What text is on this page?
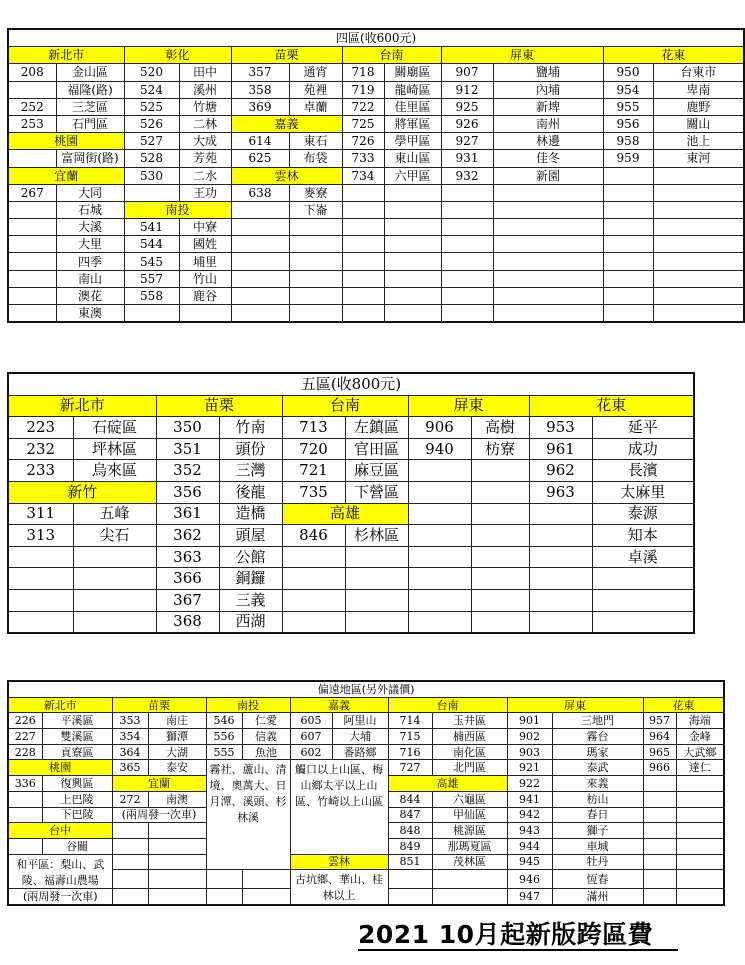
四區(收600元)											
新北市		彰化		苗栗		台南		屏東		花東	
208	金山區	520	田中	357	通宵	718	關廟區	907	鹽埔	950	台東市
	福隆(路)	524	溪州	358	苑裡	719	龍崎區	912	內埔	954	卑南
252	三芝區	525	竹塘	369	卓蘭	722	佳里區	925	新埤	955	鹿野
253	石門區	526	二林	嘉義		725	將軍區	926	南州	956	關山
桃園		527	大成	614	東石	726	學甲區	927	林邊	958	池上
	富岡街(路)	528	芳苑	625	布袋	733	東山區	931	佳冬	959	東河
宜蘭		530	二水	雲林		734	六甲區	932	新園		
267	大同		王功	638	麥寮						
	石城	南投			下崙						
	大溪	541	中寮								
	大里	544	國姓								
	四季	545	埔里								
	南山	557	竹山								
	澳花	558	鹿谷								
	東澳										
五區(收800元)									
新北市		苗栗		台南		屏東		花東	
223	石碇區	350	竹南	713	左鎮區	906	高樹	953	延平
232	坪林區	351	頭份	720	官田區	940	枋寮	961	成功
233	烏來區	352	三灣	721	麻豆區			962	長濱
新竹		356	後龍	735	下營區			963	太麻里
311	五峰	361	造橋	高雄					泰源
313	尖石	362	頭屋	846	杉林區				知本
		363	公館						卓溪
		366	銅鑼						
		367	三義						
		368	西湖						
偏遠地區(另外議價)													
新北市		苗栗		南投		嘉義		台南		屏東		花東	
226	平溪區	353	南庄	546	仁愛	605	阿里山	714	玉井區	901	三地門	957	海端
227	雙溪區	354	獅潭	556	信義	607	大埔	715	楠西區	902	霧台	964	金峰
228	貢寮區	364	大湖	555	魚池	602	番路鄉	716	南化區	903	瑪家	965	大武鄉
桃園		365	泰安	霧社、蘆山、清境、奧萬大、日月潭、溪頭、杉林溪		觸口以上山區、梅山鄉太平以上山區、竹崎以上山區		727	北門區	921	泰武	966	達仁
336	復興區	宜蘭						高雄		922	來義		
	上巴陵	272	南澳					844	六龜區	941	枋山		
	下巴陵	(兩周發一次車)						847	甲仙區	942	春日		
台中								848	桃源區	943	獅子		
	谷關							849	那瑪夏區	944	車城		
和平區：梨山、武陵、福壽山農場						雲林		851	茂林區	945	牡丹		
						古坑鄉、華山、桂林以上				946	恆春		
(兩周發一次車)										947	滿州		
2021 10月起新版跨區費
